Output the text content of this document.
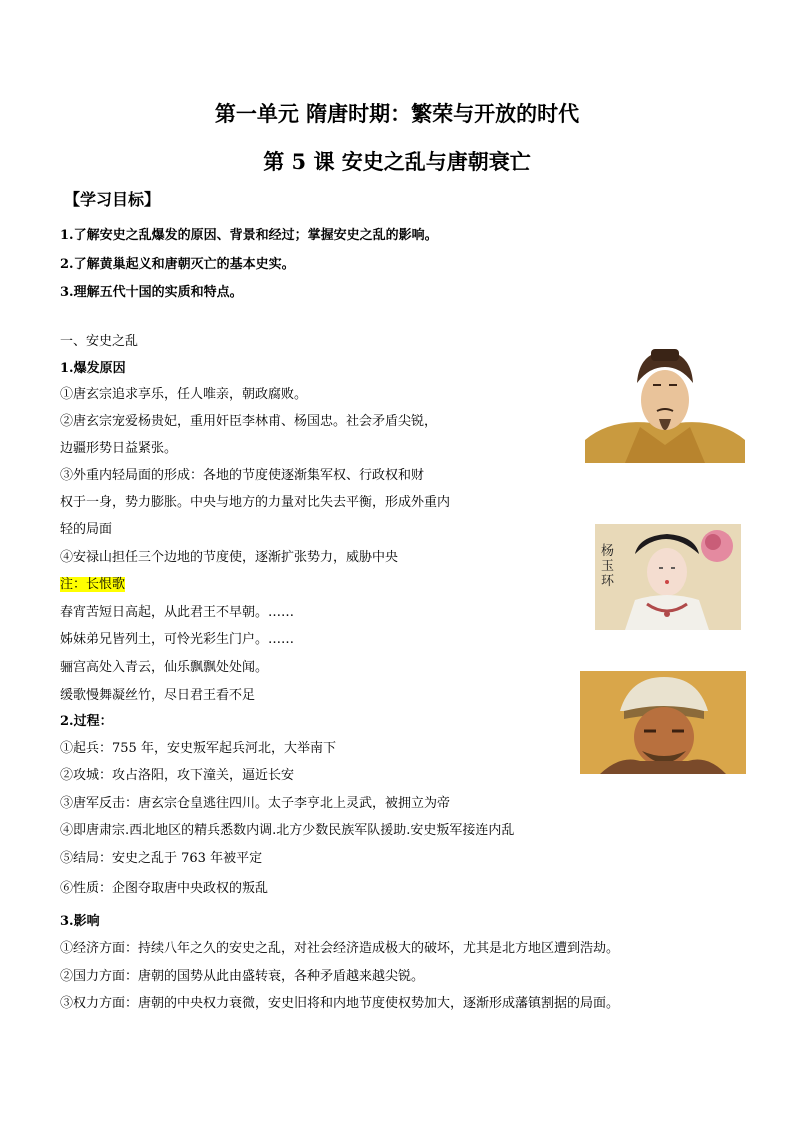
第一单元 隋唐时期：繁荣与开放的时代
第 5 课 安史之乱与唐朝衰亡
【学习目标】
1.了解安史之乱爆发的原因、背景和经过；掌握安史之乱的影响。
2.了解黄巢起义和唐朝灭亡的基本史实。
3.理解五代十国的实质和特点。
一、安史之乱
1.爆发原因
①唐玄宗追求享乐，任人唯亲，朝政腐败。
②唐玄宗宠爱杨贵妃，重用奸臣李林甫、杨国忠。社会矛盾尖锐，
边疆形势日益紧张。
③外重内轻局面的形成：各地的节度使逐渐集军权、行政权和财
权于一身，势力膨胀。中央与地方的力量对比失去平衡，形成外重内
轻的局面
④安禄山担任三个边地的节度使，逐渐扩张势力，威胁中央
注：长恨歌
春宵苦短日高起，从此君王不早朝。……
姊妹弟兄皆列土，可怜光彩生门户。……
骊宫高处入青云，仙乐飘飘处处闻。
缓歌慢舞凝丝竹，尽日君王看不足
2.过程：
①起兵：755 年，安史叛军起兵河北，大举南下
②攻城：攻占洛阳，攻下潼关，逼近长安
③唐军反击：唐玄宗仓皇逃往四川。太子李亨北上灵武，被拥立为帝
④即唐肃宗.西北地区的精兵悉数内调.北方少数民族军队援助.安史叛军接连内乱
⑤结局：安史之乱于 763 年被平定
⑥性质：企图夺取唐中央政权的叛乱
3.影响
①经济方面：持续八年之久的安史之乱，对社会经济造成极大的破坏，尤其是北方地区遭到浩劫。
②国力方面：唐朝的国势从此由盛转衰，各种矛盾越来越尖锐。
③权力方面：唐朝的中央权力衰微，安史旧将和内地节度使权势加大，逐渐形成藩镇割据的局面。
杨玉环
